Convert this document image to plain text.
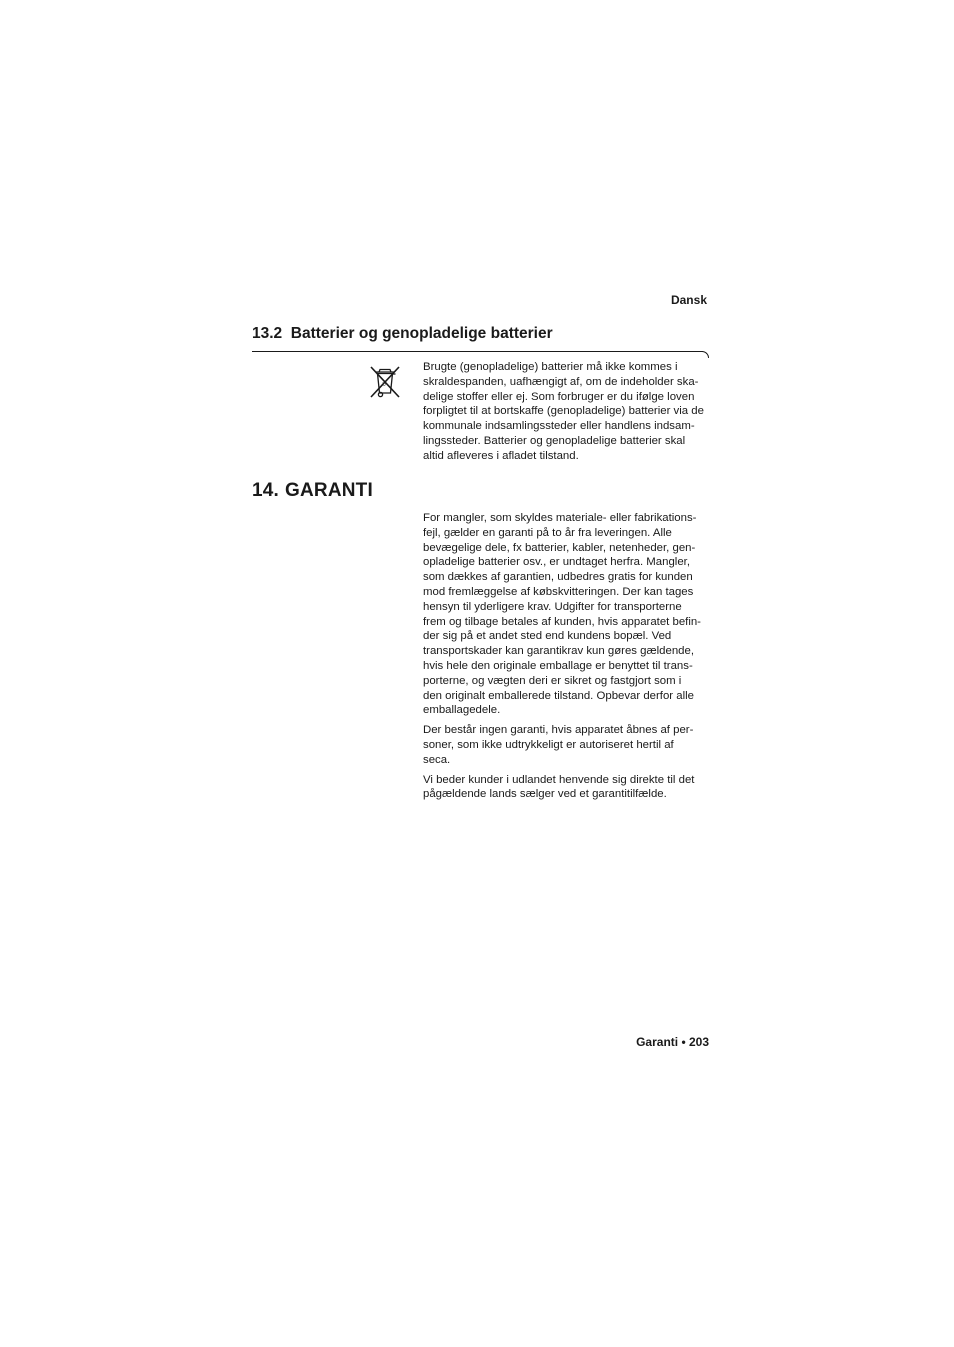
Dansk
13.2 Batterier og genopladelige batterier
↻

Brugte (genopladelige) batterier må ikke kommes i
skraldespanden, uafhængigt af, om de indeholder ska-
delige stoffer eller ej. Som forbruger er du ifølge loven
forpligtet til at bortskaffe (genopladelige) batterier via de
kommunale indsamlingssteder eller handlens indsam-
lingssteder. Batterier og genopladelige batterier skal
altid afleveres i afladet tilstand.

14. GARANTI

For mangler, som skyldes materiale- eller fabrikations-
fejl, gælder en garanti på to år fra leveringen. Alle
bevægelige dele, fx batterier, kabler, netenheder, gen-
opladelige batterier osv., er undtaget herfra. Mangler,
som dækkes af garantien, udbedres gratis for kunden
mod fremlæggelse af købskvitteringen. Der kan tages
hensyn til yderligere krav. Udgifter for transporterne
frem og tilbage betales af kunden, hvis apparatet befin-
der sig på et andet sted end kundens bopæl. Ved
transportskader kan garantikrav kun gøres gældende,
hvis hele den originale emballage er benyttet til trans-
porterne, og vægten deri er sikret og fastgjort som i
den originalt emballerede tilstand. Opbevar derfor alle
emballagedele.

Der består ingen garanti, hvis apparatet åbnes af per-
soner, som ikke udtrykkeligt er autoriseret hertil af
seca.

Vi beder kunder i udlandet henvende sig direkte til det
pågældende lands sælger ved et garantitilfælde.

Garanti • 203
